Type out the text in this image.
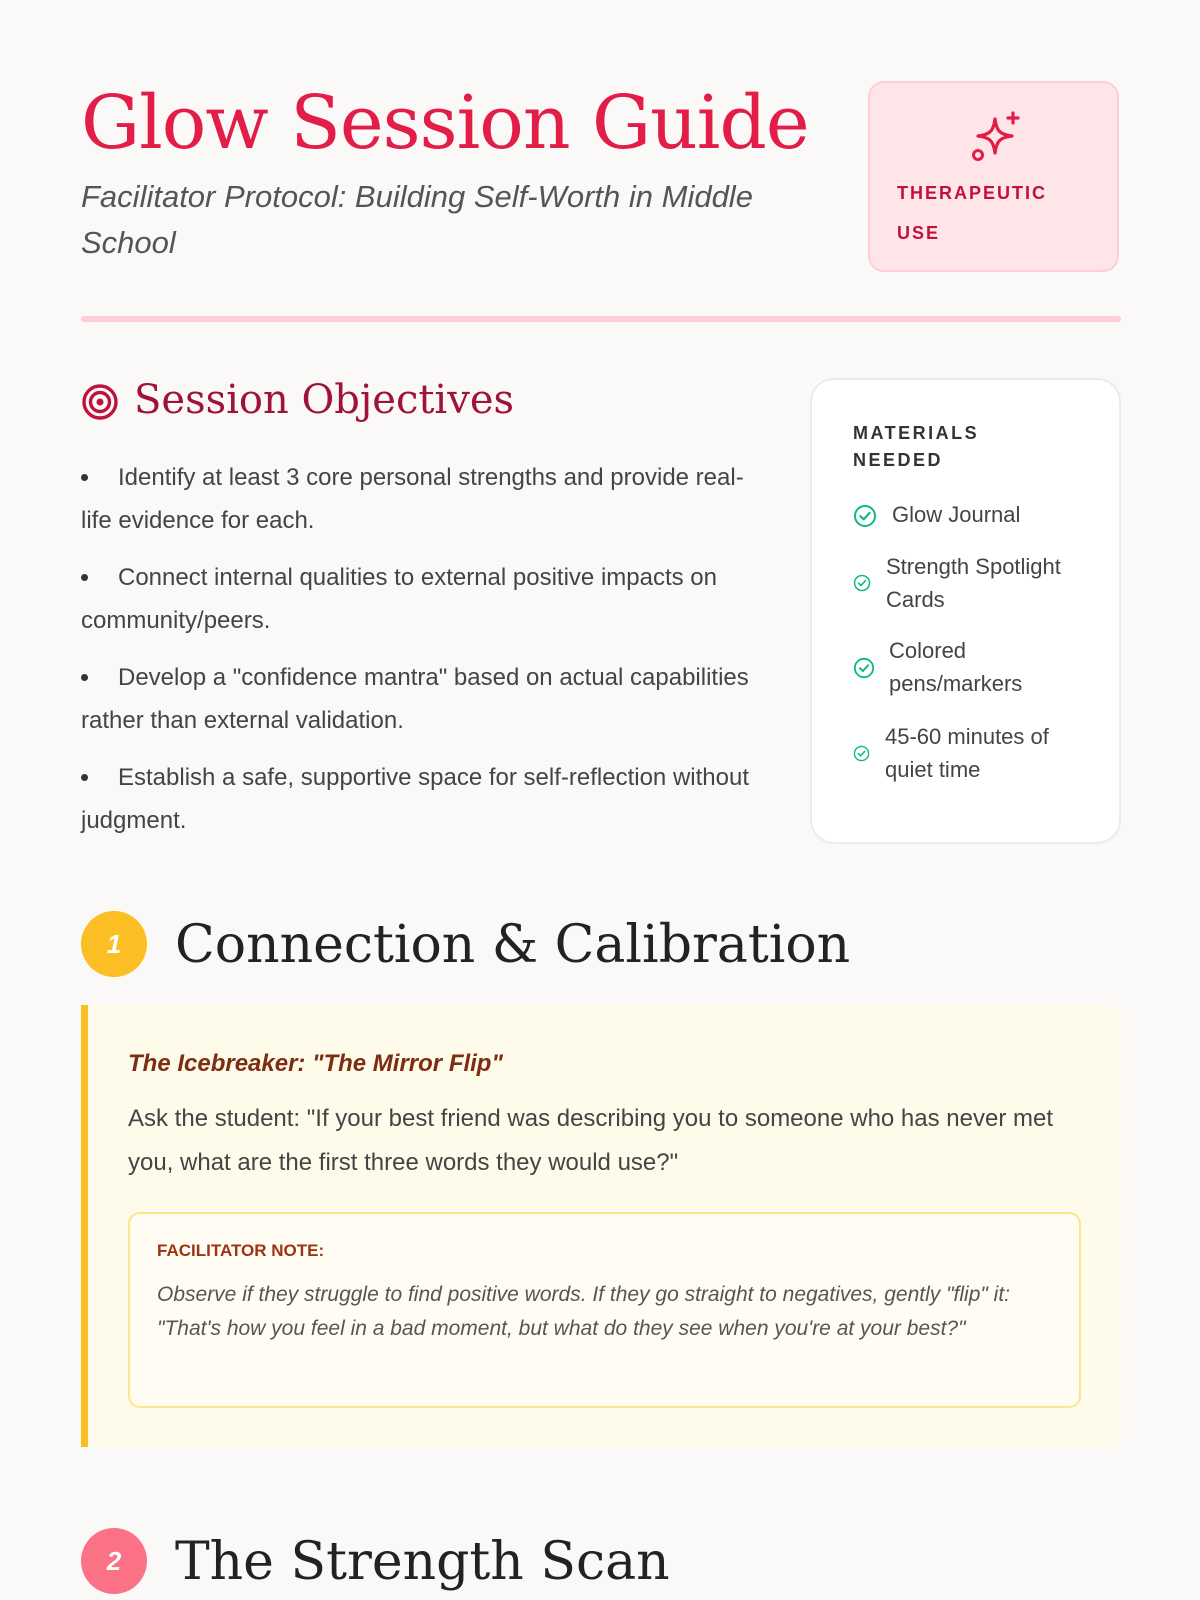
Glow Session Guide

Facilitator Protocol: Building Self-Worth in Middle School

THERAPEUTIC USE
Session Objectives
Identify at least 3 core personal strengths and provide real-life evidence for each.
Connect internal qualities to external positive impacts on community/peers.
Develop a "confidence mantra" based on actual capabilities rather than external validation.
Establish a safe, supportive space for self-reflection without judgment.
MATERIALS NEEDED
Glow Journal
Strength Spotlight Cards
Colored pens/markers
45-60 minutes of quiet time
1	Connection & Calibration
The Icebreaker: "The Mirror Flip"

Ask the student: "If your best friend was describing you to someone who has never met you, what are the first three words they would use?"

FACILITATOR NOTE:

Observe if they struggle to find positive words. If they go straight to negatives, gently "flip" it: "That's how you feel in a bad moment, but what do they see when you're at your best?"

2	The Strength Scan
